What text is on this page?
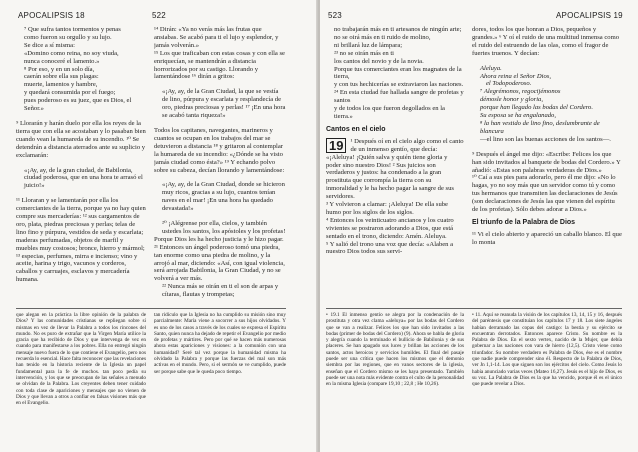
APOCALIPSIS 18	522

⁷ Que sufra tantos tormentos y penas

como fueron su orgullo y su lujo.

Se dice a sí misma:

«Domino como reina, no soy viuda,

nunca conoceré el lamento.»

⁸ Por eso, y en un solo día,

caerán sobre ella sus plagas:

muerte, lamentos y hambre,

y quedará consumida por el fuego;

pues poderoso es su juez, que es Dios, el Señor.»

⁹ Llorarán y harán duelo por ella los reyes de la tierra que con ella se acostaban y lo pasaban bien cuando vean la humareda de su incendio. ¹⁰ Se detendrán a distancia aterrados ante su suplicio y exclamarán:

«¡Ay, ay, de la gran ciudad, de Babilonia, ciudad poderosa, que en una hora te arrasó el juicio!»

¹¹ Lloraran y se lamentarán por ella los comerciantes de la tierra, porque ya no hay quien compre sus mercaderías: ¹² sus cargamentos de oro, plata, piedras preciosas y perlas; telas de lino fino y púrpura, vestidos de seda y escarlata; maderas perfumadas, objetos de marfil y muebles muy costosos; bronce, hierro y mármol; ¹³ especias, perfumes, mirra e incienso; vino y aceite, harina y trigo, vacunos y corderos, caballos y carruajes, esclavos y mercadería humana.

¹⁴ Dirán: «Ya no verás más las frutas que ansiabas. Se acabó para ti el lujo y esplendor, y jamás volverán.»

¹⁵ Los que traficaban con estas cosas y con ella se enriquecían, se mantendrán a distancia horrorizados por su castigo. Llorando y lamentándose ¹⁶ dirán a gritos:

«¡Ay, ay, de la Gran Ciudad, la que se vestía de lino, púrpura y escarlata y resplandecía de oro, piedras preciosas y perlas! ¹⁷ ¡En una hora se acabó tanta riqueza!»

Todos los capitanes, navegantes, marineros y cuantos se ocupan en los trabajos del mar se detuvieron a distancia ¹⁸ y gritaron al contemplar la humareda de su incendio: «¿Dónde se ha visto jamás ciudad como ésta?» ¹⁹ Y echando polvo sobre su cabeza, decían llorando y lamentándose:

«¡Ay, ay, de la Gran Ciudad, donde se hicieron muy ricos, gracias a su lujo, cuantos tenían naves en el mar! ¡En una hora ha quedado devastada!»

²⁰ ¡Alégrense por ella, cielos, y también ustedes los santos, los apóstoles y los profetas!

Porque Dios les ha hecho justicia y le hizo pagar.

²¹ Entonces un ángel poderoso tomó una piedra, tan enorme como una piedra de molino, y la arrojó al mar, diciendo: «Así, con igual violencia, será arrojada Babilonia, la Gran Ciudad, y no se volverá a ver más.

²² Nunca más se oirán en ti el son de arpas y cítaras, flautas y trompetas;

que alegan en la práctica la libre opinión de la palabra de Dios? Y las comunidades cristianas se repliegan sobre sí mismas en vez de llevar la Palabra a todos los rincones del mundo. No es puro de extrañar que la Virgen María utilice la gracia que ha recibido de Dios y que intervenga de vez en cuando para manifestarse a los pobres. Ella no entregó ningún mensaje nuevo fuera de lo que contiene el Evangelio, pero nos recuerda lo esencial. Hace falta reconocer que las revelaciones han tenido en la historia reciente de la Iglesia un papel fundamental para la fe de muchos. tan poco pedía su intervención, y los que se preocupan de las señales a menudo se olvidan de la Palabra. Los creyentes deben tener cuidado con toda clase de apariciones y mensajes que no vienen de Dios y que llevan a otros a confiar en falsas visiones más que en el Evangelio.

tan ridículo que la Iglesia no ha cumplido su misión sino muy parcialmente: María viene a socorrer a sus hijos olvidados. Y es uno de los casos a través de los cuales se expresa el Espíritu Santo, quien nunca ha dejado de repetir el Evangelio por medio de profetas y mártires. Pero por qué se hacen más numerosas ahora estas apariciones y visiones: a la comunión con una humanidad? Seré tal vez porque la humanidad misma ha olvidado la Palabra y porque las fuerzas del mal son más activas en el mundo. Pero, si el sermón se ve cumplido, puede ser porque sabe que le queda poco tiempo.

523	APOCALIPSIS 19

no trabajarán más en ti artesanos de ningún arte;

no se oirá más en ti ruido de molino,

ni brillará luz de lámpara;

²³ no se oirán más en ti

los cantos del novio y de la novia.

Porque tus comerciantes eran los magnates de la tierra,

y con tus hechicerías se extraviaron las naciones.

²⁴ En esta ciudad fue hallada sangre de profetas y santos

y de todos los que fueron degollados en la tierra.»

Cantos en el cielo
19	¹ Después oí en el cielo algo como el canto de un inmenso gentío, que decía:

«¡Aleluya! ¡Quién salva y quién tiene gloria y poder sino nuestro Dios! ² Sus juicios son verdaderos y justos: ha condenado a la gran prostituta que corrompía la tierra con su inmoralidad y le ha hecho pagar la sangre de sus servidores.

³ Y volvieron a clamar: ¡Aleluya! De ella sube humo por los siglos de los siglos.

⁴ Entonces los veinticuatro ancianos y los cuatro vivientes se postraron adorando a Dios, que está sentado en el trono, diciendo: Amén. Aleluya.

⁵ Y salió del trono una voz que decía: «Alaben a nuestro Dios todos sus servi-

dores, todos los que honran a Dios, pequeños y grandes.» ⁶ Y oí el ruido de una multitud inmensa como el ruido del estruendo de las olas, como el fragor de fuertes truenos. Y decían:

Aleluya.

Ahora reina el Señor Dios,

el Todopoderoso.

⁷ Alegrémonos, regocijémonos

démosle honor y gloria,

porque han llegado las bodas del Cordero.

Su esposa se ha engalanado,

⁸ la han vestido de lino fino, deslumbrante de blancura

—el lino son las buenas acciones de los santos—.

⁹ Después el ángel me dijo: «Escribe: Felices los que han sido invitados al banquete de bodas del Cordero.» Y añadió: «Estas son palabras verdaderas de Dios.»

¹⁰ Caí a sus pies para adorarlo, pero él me dijo: «No lo hagas, yo no soy más que un servidor como tú y como tus hermanos que transmiten las declaraciones de Jesús (son declaraciones de Jesús las que vienen del espíritu de los profetas). Sólo debes adorar a Dios.»

El triunfo de la Palabra de Dios

¹¹ Vi el cielo abierto y apareció un caballo blanco. El que lo monta

• 19.1 El inmenso gentío se alegra por la condenación de la prostituta y otra vez clama «aleluya» por las bodas del Cordero que se van a realizar. Felices los que han sido invitados a las bodas (primer de bodas del Cordero) (9). Ahora se babla de gloria y alegría cuando la terminado el bullicio de Babilonia y de sus placeres. Se han apagado sus luces y brillan las acciones de los santos, actos heroicos y servicios humildes. El final del pasaje puede ser una crítica que hacen los mismos que el demonio siembra por las regiones, que en vanos sectores de la iglesia, enseñan que el Cordero mismo se les haya presentado. También puede ser una nota más evidente contra el culto de la personalidad en la misma Iglesia (compare 19,10 ; 22,8 ; He 10,26).

• 11. Aquí se reanuda la visión de los capítulos 13, 14, 15 y 16, después del paréntesis que constituían los capítulos 17 y 18. Los siete ángeles habían derramado las copas del castigo: la bestia y su ejército se encuentran derrotados. Entonces aparece Cristo. Su nombre es la Palabra de Dios. En el sexto vertex, nacido de la Mujer, que debía gobernar a las naciones con vara de hierro (12,5). Cristo viene como triunfador. Su nombre verdadero es Palabra de Dios, ése es el nombre que nadie puede comprender sino él. Respecto de la Palabra de Dios, ver Jn 1,1-14. Los que siguen son los ejércitos del cielo. Como Jesús lo había anunciado varias veces (Mateo 16,27). Jesús es el hijo de Dios, es su voz. La Palabra de Dios es la que ha vencido, porque él es el único que puede revelar a Dios.
